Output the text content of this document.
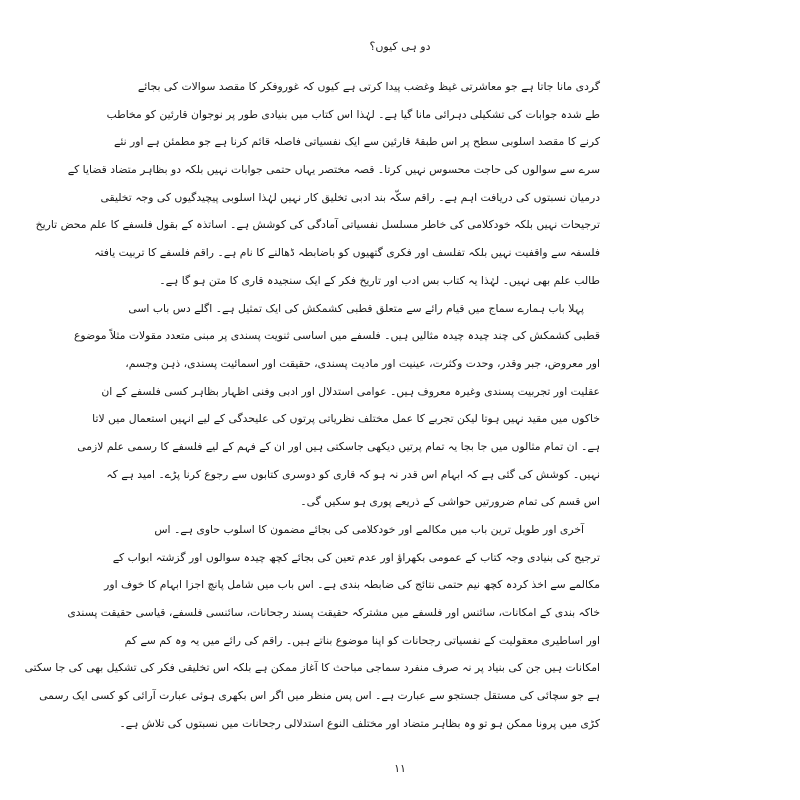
دو ہی کیوں؟

گردی مانا جاتا ہے جو معاشرتی غیظ وغضب پیدا کرتی ہے کیوں کہ غوروفکر کا مقصد سوالات کی بجائے

طے شدہ جوابات کی تشکیلی دہرائی مانا گیا ہے۔ لہٰذا اس کتاب میں بنیادی طور پر نوجوان قارئین کو مخاطب

کرنے کا مقصد اسلوبی سطح پر اس طبقۂ قارئین سے ایک نفسیاتی فاصلہ قائم کرنا ہے جو مطمئن ہے اور نئے

سرے سے سوالوں کی حاجت محسوس نہیں کرتا۔ قصہ مختصر یہاں حتمی جوابات نہیں بلکہ دو بظاہر متضاد قضایا کے

درمیان نسبتوں کی دریافت اہم ہے۔ راقم سکّہ بند ادبی تخلیق کار نہیں لہٰذا اسلوبی پیچیدگیوں کی وجہ تخلیقی

ترجیحات نہیں بلکہ خودکلامی کی خاطر مسلسل نفسیاتی آمادگی کی کوشش ہے۔ اساتذہ کے بقول فلسفے کا علم محض تاریخ

فلسفہ سے واقفیت نہیں بلکہ تفلسف اور فکری گتھیوں کو باضابطہ ڈھالنے کا نام ہے۔ راقم فلسفے کا تربیت یافتہ

طالب علم بھی نہیں۔ لہٰذا یہ کتاب بس ادب اور تاریخ فکر کے ایک سنجیدہ قاری کا متن ہو گا ہے۔

پہلا باب ہمارے سماج میں قیام رائے سے متعلق قطبی کشمکش کی ایک تمثیل ہے۔ اگلے دس باب اسی

قطبی کشمکش کی چند چیدہ چیدہ مثالیں ہیں۔ فلسفے میں اساسی ثنویت پسندی پر مبنی متعدد مقولات مثلاً موضوع

اور معروض، جبر وقدر، وحدت وکثرت، عینیت اور مادیت پسندی، حقیقت اور اسمائیت پسندی، ذہن وجسم،

عقلیت اور تجربیت پسندی وغیرہ معروف ہیں۔ عوامی استدلال اور ادبی وفنی اظہار بظاہر کسی فلسفے کے ان

خاکوں میں مقید نہیں ہوتا لیکن تجربے کا عمل مختلف نظریاتی پرتوں کی علیحدگی کے لیے انہیں استعمال میں لاتا

ہے۔ ان تمام مثالوں میں جا بجا یہ تمام پرتیں دیکھی جاسکتی ہیں اور ان کے فہم کے لیے فلسفے کا رسمی علم لازمی

نہیں۔ کوشش کی گئی ہے کہ ابہام اس قدر نہ ہو کہ قاری کو دوسری کتابوں سے رجوع کرنا پڑے۔ امید ہے کہ

اس قسم کی تمام ضرورتیں حواشی کے ذریعے پوری ہو سکیں گی۔

آخری اور طویل ترین باب میں مکالمے اور خودکلامی کی بجائے مضمون کا اسلوب حاوی ہے۔ اس

ترجیح کی بنیادی وجہ کتاب کے عمومی بکھراؤ اور عدم تعین کی بجائے کچھ چیدہ سوالوں اور گزشتہ ابواب کے

مکالمے سے اخذ کردہ کچھ نیم حتمی نتائج کی ضابطہ بندی ہے۔ اس باب میں شامل پانچ اجزا ابہام کا خوف اور

خاکہ بندی کے امکانات، سائنس اور فلسفے میں مشترکہ حقیقت پسند رجحانات، سائنسی فلسفے، قیاسی حقیقت پسندی

اور اساطیری معقولیت کے نفسیاتی رجحانات کو اپنا موضوع بناتے ہیں۔ راقم کی رائے میں یہ وہ کم سے کم

امکانات ہیں جن کی بنیاد پر نہ صرف منفرد سماجی مباحث کا آغاز ممکن ہے بلکہ اس تخلیقی فکر کی تشکیل بھی کی جا سکتی

ہے جو سچائی کی مستقل جستجو سے عبارت ہے۔ اس پس منظر میں اگر اس بکھری ہوئی عبارت آرائی کو کسی ایک رسمی

کڑی میں پرونا ممکن ہو تو وہ بظاہر متضاد اور مختلف النوع استدلالی رجحانات میں نسبتوں کی تلاش ہے۔

۱۱
